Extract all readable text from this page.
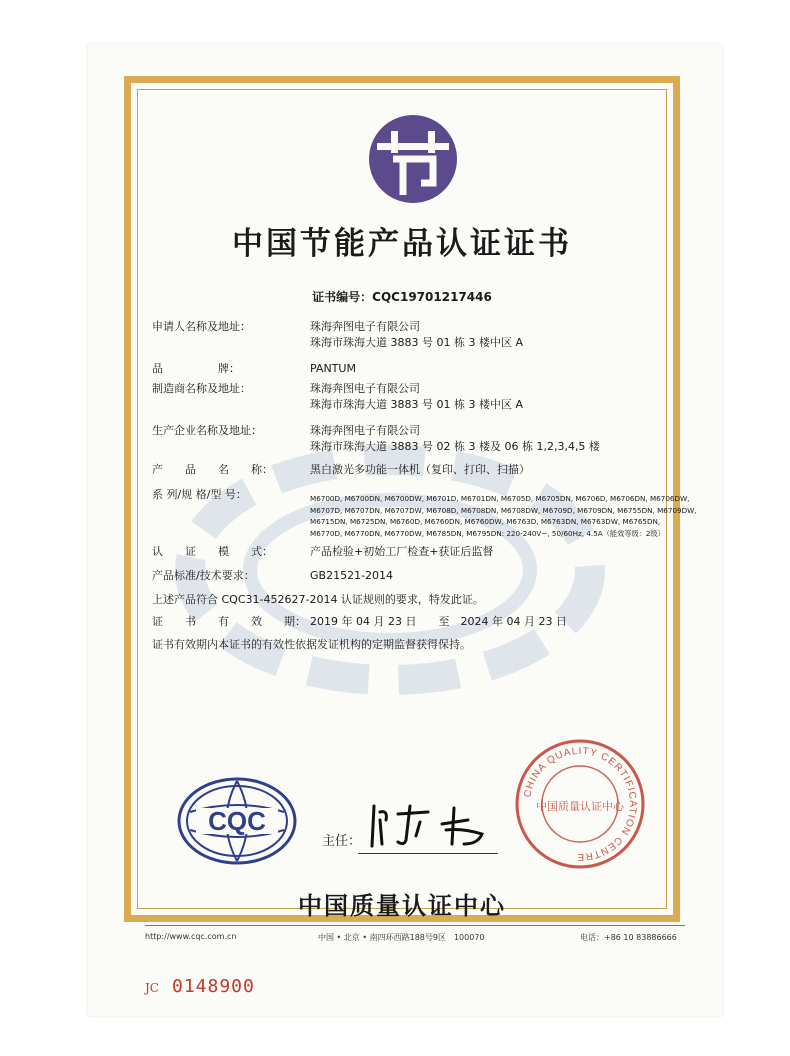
中国节能产品认证证书
证书编号：CQC19701217446
申请人名称及地址：	珠海奔图电子有限公司
珠海市珠海大道 3883 号 01 栋 3 楼中区 A
品　　　　　牌：	PANTUM
制造商名称及地址：	珠海奔图电子有限公司
珠海市珠海大道 3883 号 01 栋 3 楼中区 A
生产企业名称及地址：	珠海奔图电子有限公司
珠海市珠海大道 3883 号 02 栋 3 楼及 06 栋 1,2,3,4,5 楼
产　　品　　名　　称：	黑白激光多功能一体机（复印、打印、扫描）
系 列/规 格/型 号：	M6700D, M6700DN, M6700DW, M6701D, M6701DN, M6705D, M6705DN, M6706D, M6706DN, M6706DW,
M6707D, M6707DN, M6707DW, M6708D, M6708DN, M6708DW, M6709D, M6709DN, M6755DN, M6709DW,
M6715DN, M6725DN, M6760D, M6760DN, M6760DW, M6763D, M6763DN, M6763DW, M6765DN,
M6770D, M6770DN, M6770DW, M6785DN, M6795DN: 220-240V~, 50/60Hz, 4.5A（能效等级：2级）
认　　证　　模　　式：	产品检验+初始工厂检查+获证后监督
产品标准/技术要求：	GB21521-2014
上述产品符合 CQC31-452627-2014 认证规则的要求，特发此证。
证　　书　　有　　效　　期： 2019 年 04 月 23 日　　至　2024 年 04 月 23 日
证书有效期内本证书的有效性依据发证机构的定期监督获得保持。
CQC
主任：
CHINA QUALITY CERTIFICATION CENTRE
中国质量认证中心
中国质量认证中心
http://www.cqc.com.cn	中国 • 北京 • 南四环西路188号9区　100070	电话：+86 10 83886666
JC 0148900
